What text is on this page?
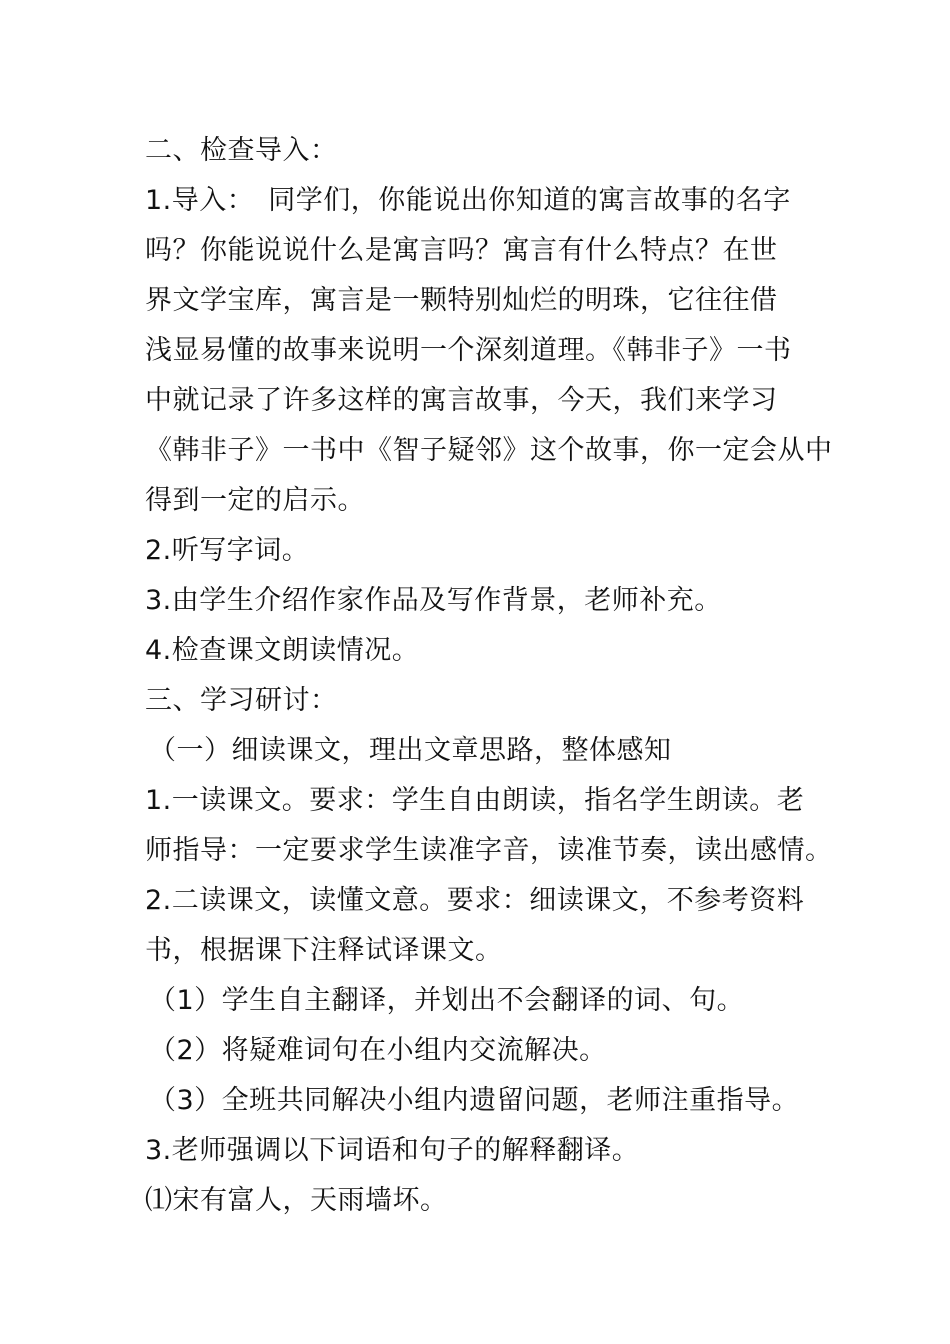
二、检查导入：
1.导入：　同学们，你能说出你知道的寓言故事的名字
吗？你能说说什么是寓言吗？寓言有什么特点？在世
界文学宝库，寓言是一颗特别灿烂的明珠，它往往借
浅显易懂的故事来说明一个深刻道理。《韩非子》一书
中就记录了许多这样的寓言故事，今天，我们来学习
《韩非子》一书中《智子疑邻》这个故事，你一定会从中
得到一定的启示。
2.听写字词。
3.由学生介绍作家作品及写作背景，老师补充。
4.检查课文朗读情况。
三、学习研讨：
（一）细读课文，理出文章思路，整体感知
1.一读课文。要求：学生自由朗读，指名学生朗读。老
师指导：一定要求学生读准字音，读准节奏，读出感情。
2.二读课文，读懂文意。要求：细读课文，不参考资料
书，根据课下注释试译课文。
（1）学生自主翻译，并划出不会翻译的词、句。
（2）将疑难词句在小组内交流解决。
（3）全班共同解决小组内遗留问题，老师注重指导。
3.老师强调以下词语和句子的解释翻译。
⑴宋有富人，天雨墙坏。
